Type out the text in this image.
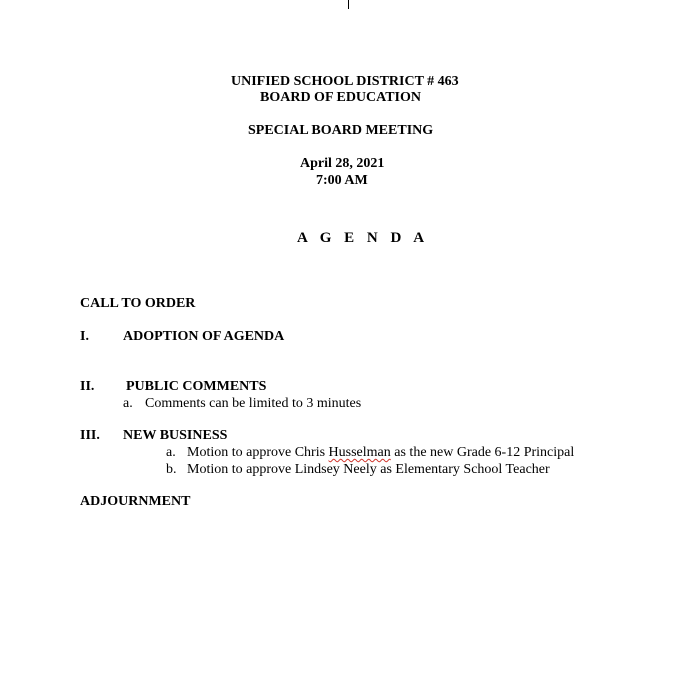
UNIFIED SCHOOL DISTRICT # 463
BOARD OF EDUCATION
SPECIAL BOARD MEETING
April 28, 2021
7:00 AM
A G E N D A
CALL TO ORDER
I. ADOPTION OF AGENDA
II. PUBLIC COMMENTS
a. Comments can be limited to 3 minutes
III. NEW BUSINESS
a. Motion to approve Chris Husselman as the new Grade 6-12 Principal
b. Motion to approve Lindsey Neely as Elementary School Teacher
ADJOURNMENT
